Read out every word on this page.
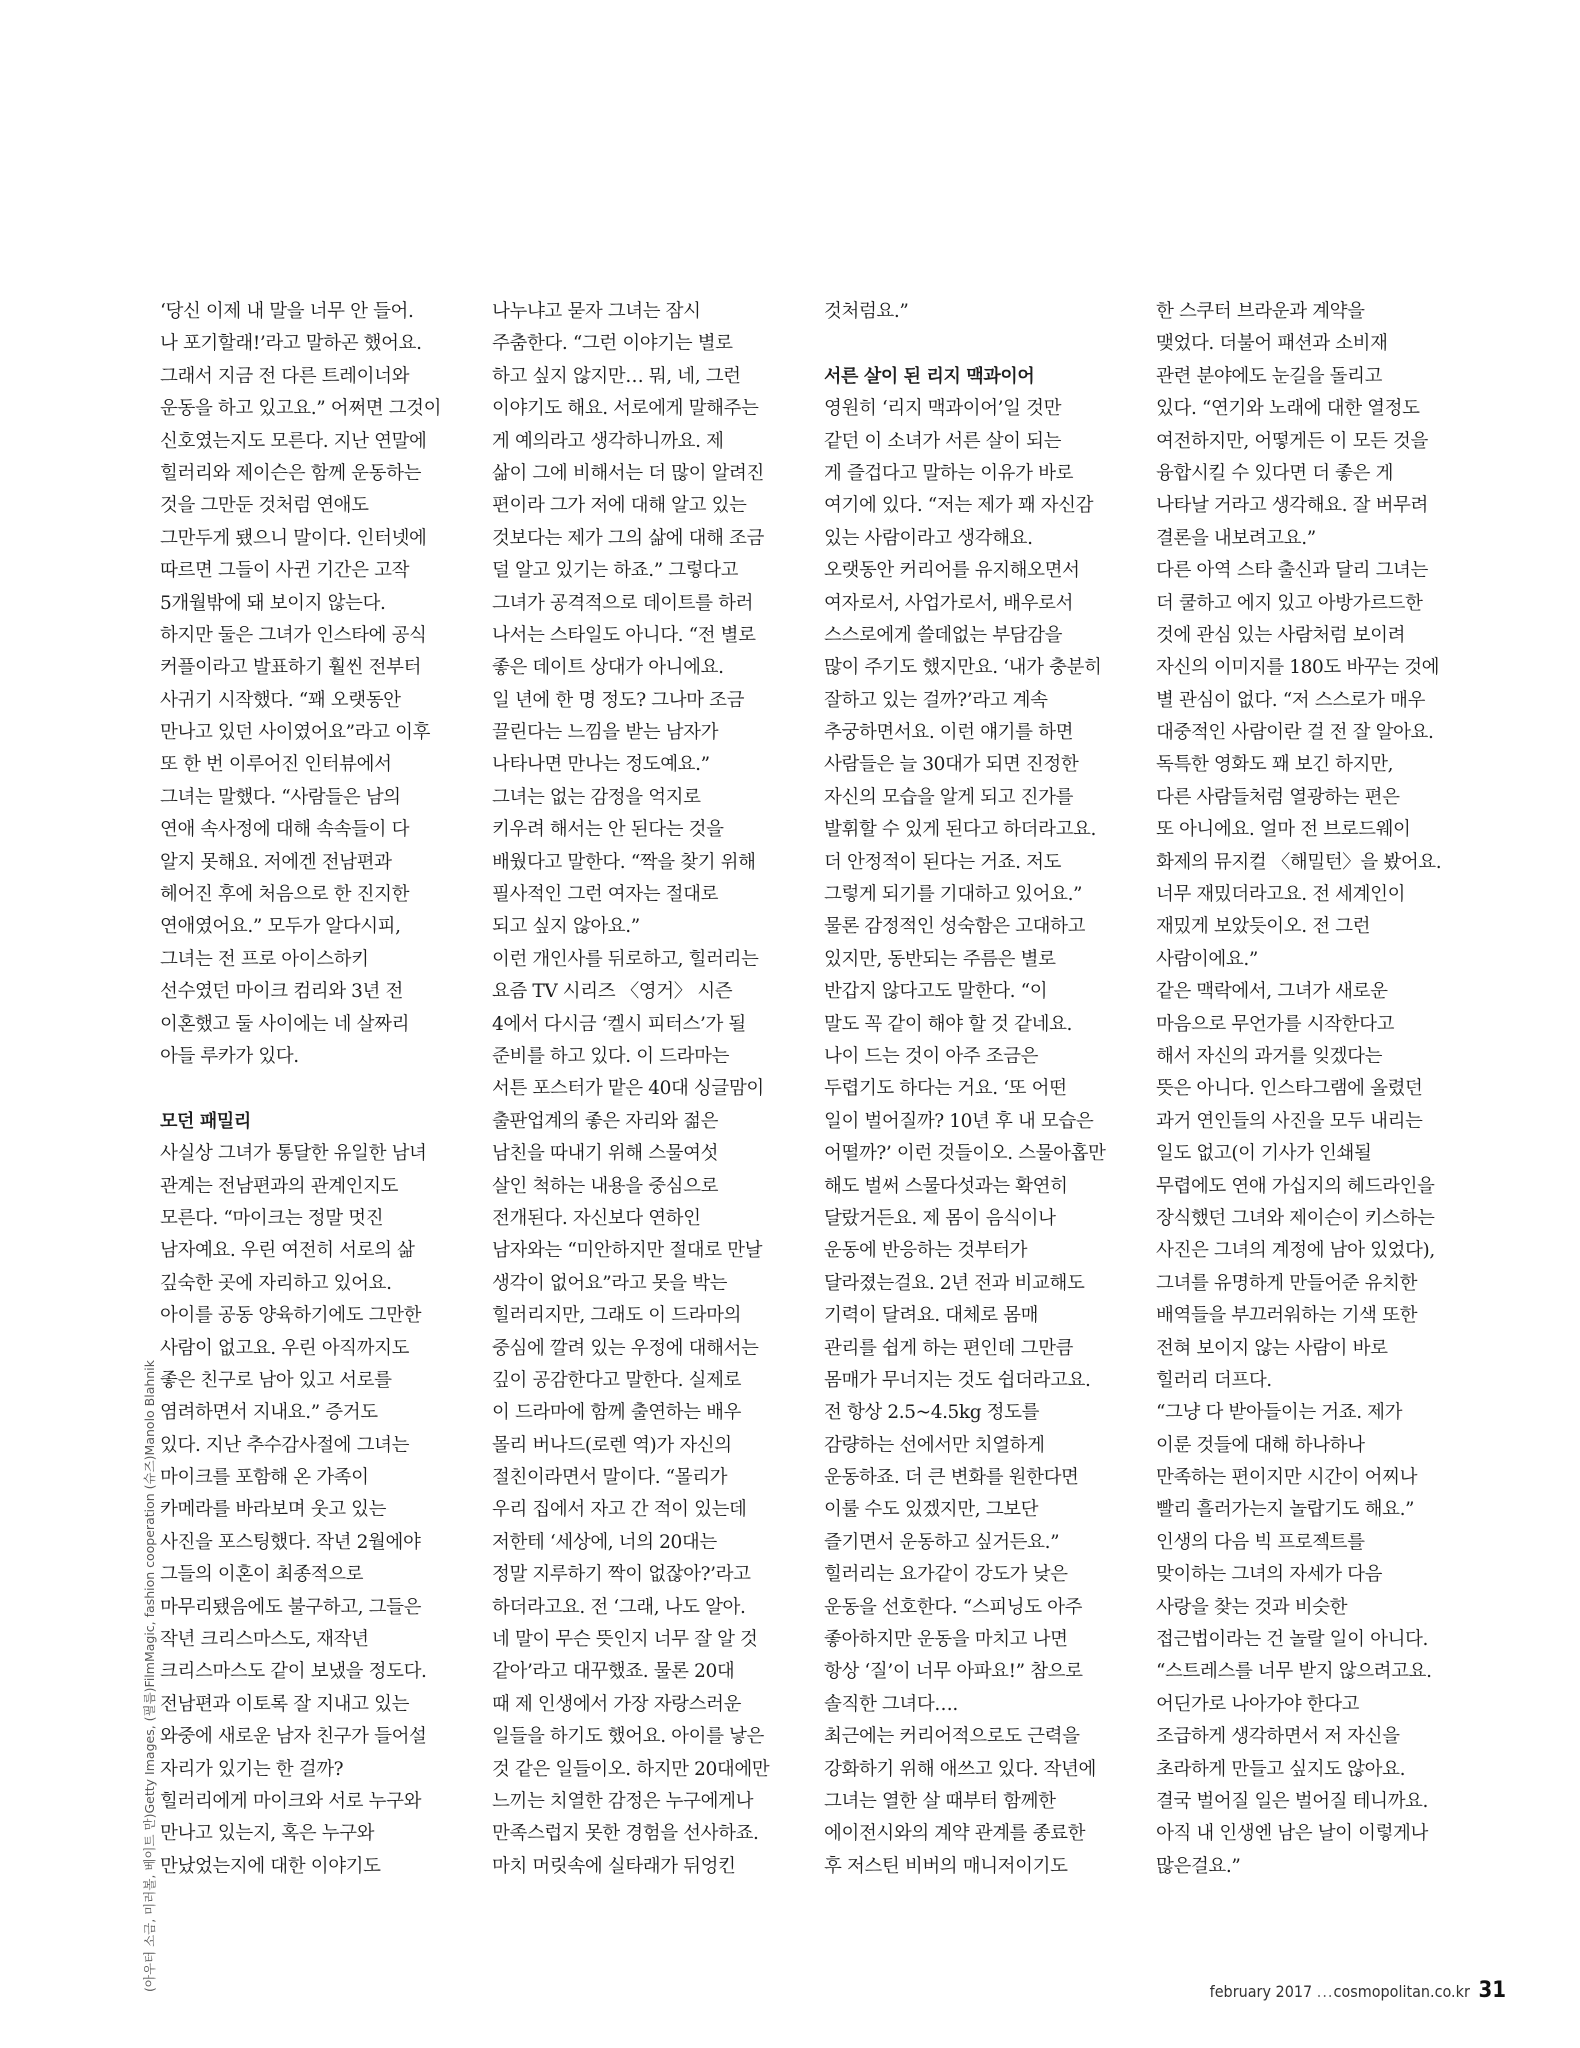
‘당신 이제 내 말을 너무 안 들어.
나 포기할래!’라고 말하곤 했어요.
그래서 지금 전 다른 트레이너와
운동을 하고 있고요.” 어쩌면 그것이
신호였는지도 모른다. 지난 연말에
힐러리와 제이슨은 함께 운동하는
것을 그만둔 것처럼 연애도
그만두게 됐으니 말이다. 인터넷에
따르면 그들이 사귄 기간은 고작
5개월밖에 돼 보이지 않는다.
하지만 둘은 그녀가 인스타에 공식
커플이라고 발표하기 훨씬 전부터
사귀기 시작했다. “꽤 오랫동안
만나고 있던 사이였어요”라고 이후
또 한 번 이루어진 인터뷰에서
그녀는 말했다. “사람들은 남의
연애 속사정에 대해 속속들이 다
알지 못해요. 저에겐 전남편과
헤어진 후에 처음으로 한 진지한
연애였어요.” 모두가 알다시피,
그녀는 전 프로 아이스하키
선수였던 마이크 컴리와 3년 전
이혼했고 둘 사이에는 네 살짜리
아들 루카가 있다.
모던 패밀리
사실상 그녀가 통달한 유일한 남녀
관계는 전남편과의 관계인지도
모른다. “마이크는 정말 멋진
남자예요. 우린 여전히 서로의 삶
깊숙한 곳에 자리하고 있어요.
아이를 공동 양육하기에도 그만한
사람이 없고요. 우린 아직까지도
좋은 친구로 남아 있고 서로를
염려하면서 지내요.” 증거도
있다. 지난 추수감사절에 그녀는
마이크를 포함해 온 가족이
카메라를 바라보며 웃고 있는
사진을 포스팅했다. 작년 2월에야
그들의 이혼이 최종적으로
마무리됐음에도 불구하고, 그들은
작년 크리스마스도, 재작년
크리스마스도 같이 보냈을 정도다.
전남편과 이토록 잘 지내고 있는
와중에 새로운 남자 친구가 들어설
자리가 있기는 한 걸까?
힐러리에게 마이크와 서로 누구와
만나고 있는지, 혹은 누구와
만났었는지에 대한 이야기도
나누냐고 묻자 그녀는 잠시
주춤한다. “그런 이야기는 별로
하고 싶지 않지만… 뭐, 네, 그런
이야기도 해요. 서로에게 말해주는
게 예의라고 생각하니까요. 제
삶이 그에 비해서는 더 많이 알려진
편이라 그가 저에 대해 알고 있는
것보다는 제가 그의 삶에 대해 조금
덜 알고 있기는 하죠.” 그렇다고
그녀가 공격적으로 데이트를 하러
나서는 스타일도 아니다. “전 별로
좋은 데이트 상대가 아니에요.
일 년에 한 명 정도? 그나마 조금
끌린다는 느낌을 받는 남자가
나타나면 만나는 정도예요.”
그녀는 없는 감정을 억지로
키우려 해서는 안 된다는 것을
배웠다고 말한다. “짝을 찾기 위해
필사적인 그런 여자는 절대로
되고 싶지 않아요.”
이런 개인사를 뒤로하고, 힐러리는
요즘 TV 시리즈 〈영거〉 시즌
4에서 다시금 ‘켈시 피터스’가 될
준비를 하고 있다. 이 드라마는
서튼 포스터가 맡은 40대 싱글맘이
출판업계의 좋은 자리와 젊은
남친을 따내기 위해 스물여섯
살인 척하는 내용을 중심으로
전개된다. 자신보다 연하인
남자와는 “미안하지만 절대로 만날
생각이 없어요”라고 못을 박는
힐러리지만, 그래도 이 드라마의
중심에 깔려 있는 우정에 대해서는
깊이 공감한다고 말한다. 실제로
이 드라마에 함께 출연하는 배우
몰리 버나드(로렌 역)가 자신의
절친이라면서 말이다. “몰리가
우리 집에서 자고 간 적이 있는데
저한테 ‘세상에, 너의 20대는
정말 지루하기 짝이 없잖아?’라고
하더라고요. 전 ‘그래, 나도 알아.
네 말이 무슨 뜻인지 너무 잘 알 것
같아’라고 대꾸했죠. 물론 20대
때 제 인생에서 가장 자랑스러운
일들을 하기도 했어요. 아이를 낳은
것 같은 일들이오. 하지만 20대에만
느끼는 치열한 감정은 누구에게나
만족스럽지 못한 경험을 선사하죠.
마치 머릿속에 실타래가 뒤엉킨
것처럼요.”
서른 살이 된 리지 맥과이어
영원히 ‘리지 맥과이어’일 것만
같던 이 소녀가 서른 살이 되는
게 즐겁다고 말하는 이유가 바로
여기에 있다. “저는 제가 꽤 자신감
있는 사람이라고 생각해요.
오랫동안 커리어를 유지해오면서
여자로서, 사업가로서, 배우로서
스스로에게 쓸데없는 부담감을
많이 주기도 했지만요. ‘내가 충분히
잘하고 있는 걸까?’라고 계속
추궁하면서요. 이런 얘기를 하면
사람들은 늘 30대가 되면 진정한
자신의 모습을 알게 되고 진가를
발휘할 수 있게 된다고 하더라고요.
더 안정적이 된다는 거죠. 저도
그렇게 되기를 기대하고 있어요.”
물론 감정적인 성숙함은 고대하고
있지만, 동반되는 주름은 별로
반갑지 않다고도 말한다. “이
말도 꼭 같이 해야 할 것 같네요.
나이 드는 것이 아주 조금은
두렵기도 하다는 거요. ‘또 어떤
일이 벌어질까? 10년 후 내 모습은
어떨까?’ 이런 것들이오. 스물아홉만
해도 벌써 스물다섯과는 확연히
달랐거든요. 제 몸이 음식이나
운동에 반응하는 것부터가
달라졌는걸요. 2년 전과 비교해도
기력이 달려요. 대체로 몸매
관리를 쉽게 하는 편인데 그만큼
몸매가 무너지는 것도 쉽더라고요.
전 항상 2.5~4.5kg 정도를
감량하는 선에서만 치열하게
운동하죠. 더 큰 변화를 원한다면
이룰 수도 있겠지만, 그보단
즐기면서 운동하고 싶거든요.”
힐러리는 요가같이 강도가 낮은
운동을 선호한다. “스피닝도 아주
좋아하지만 운동을 마치고 나면
항상 ‘질’이 너무 아파요!” 참으로
솔직한 그녀다….
최근에는 커리어적으로도 근력을
강화하기 위해 애쓰고 있다. 작년에
그녀는 열한 살 때부터 함께한
에이전시와의 계약 관계를 종료한
후 저스틴 비버의 매니저이기도
한 스쿠터 브라운과 계약을
맺었다. 더불어 패션과 소비재
관련 분야에도 눈길을 돌리고
있다. “연기와 노래에 대한 열정도
여전하지만, 어떻게든 이 모든 것을
융합시킬 수 있다면 더 좋은 게
나타날 거라고 생각해요. 잘 버무려
결론을 내보려고요.”
다른 아역 스타 출신과 달리 그녀는
더 쿨하고 에지 있고 아방가르드한
것에 관심 있는 사람처럼 보이려
자신의 이미지를 180도 바꾸는 것에
별 관심이 없다. “저 스스로가 매우
대중적인 사람이란 걸 전 잘 알아요.
독특한 영화도 꽤 보긴 하지만,
다른 사람들처럼 열광하는 편은
또 아니에요. 얼마 전 브로드웨이
화제의 뮤지컬 〈해밀턴〉을 봤어요.
너무 재밌더라고요. 전 세계인이
재밌게 보았듯이오. 전 그런
사람이에요.”
같은 맥락에서, 그녀가 새로운
마음으로 무언가를 시작한다고
해서 자신의 과거를 잊겠다는
뜻은 아니다. 인스타그램에 올렸던
과거 연인들의 사진을 모두 내리는
일도 없고(이 기사가 인쇄될
무렵에도 연애 가십지의 헤드라인을
장식했던 그녀와 제이슨이 키스하는
사진은 그녀의 계정에 남아 있었다),
그녀를 유명하게 만들어준 유치한
배역들을 부끄러워하는 기색 또한
전혀 보이지 않는 사람이 바로
힐러리 더프다.
“그냥 다 받아들이는 거죠. 제가
이룬 것들에 대해 하나하나
만족하는 편이지만 시간이 어찌나
빨리 흘러가는지 놀랍기도 해요.”
인생의 다음 빅 프로젝트를
맞이하는 그녀의 자세가 다음
사랑을 찾는 것과 비슷한
접근법이라는 건 놀랄 일이 아니다.
“스트레스를 너무 받지 않으려고요.
어딘가로 나아가야 한다고
조급하게 생각하면서 저 자신을
초라하게 만들고 싶지도 않아요.
결국 벌어질 일은 벌어질 테니까요.
아직 내 인생엔 남은 날이 이렇게나
많은걸요.”
(아우터 소금, 미러볼, 베이트 만)Getty Images, (필름)FilmMagic, fashion cooperation (슈즈)Manolo Blahnik	february 2017 ...cosmopolitan.co.kr 31
